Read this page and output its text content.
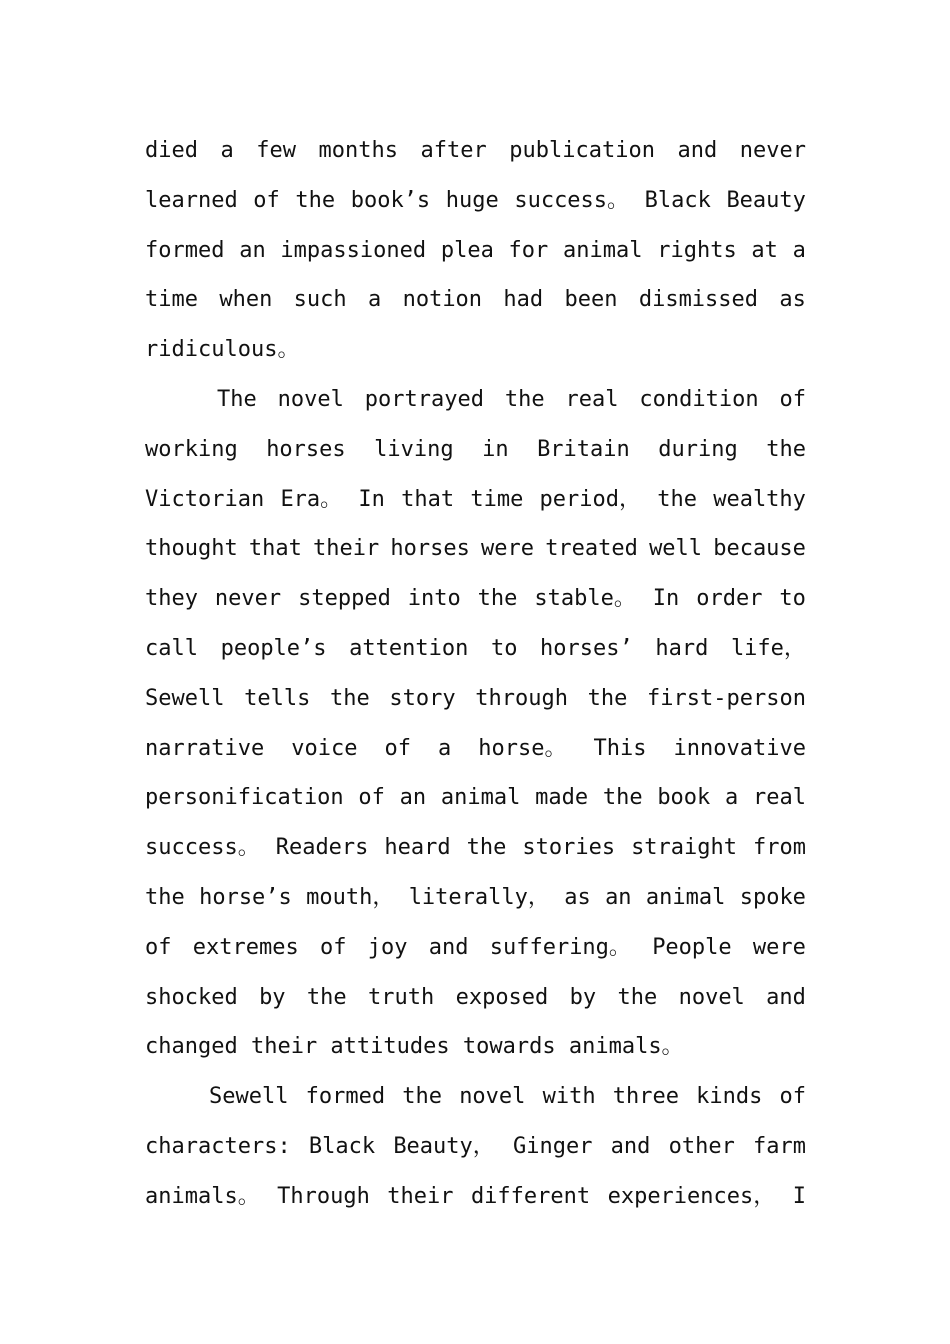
died a few months after publication and never
learned of the book’s huge success。 Black Beauty
formed an impassioned plea for animal rights at a
time when such a notion had been dismissed as
ridiculous。
The novel portrayed the real condition of
working horses living in Britain during the
Victorian Era。 In that time period， the wealthy
thought that their horses were treated well because
they never stepped into the stable。 In order to
call people’s attention to horses’ hard life，
Sewell tells the story through the first-person
narrative voice of a horse。 This innovative
personification of an animal made the book a real
success。 Readers heard the stories straight from
the horse’s mouth， literally， as an animal spoke
of extremes of joy and suffering。 People were
shocked by the truth exposed by the novel and
changed their attitudes towards animals。
Sewell formed the novel with three kinds of
characters: Black Beauty， Ginger and other farm
animals。 Through their different experiences， I
